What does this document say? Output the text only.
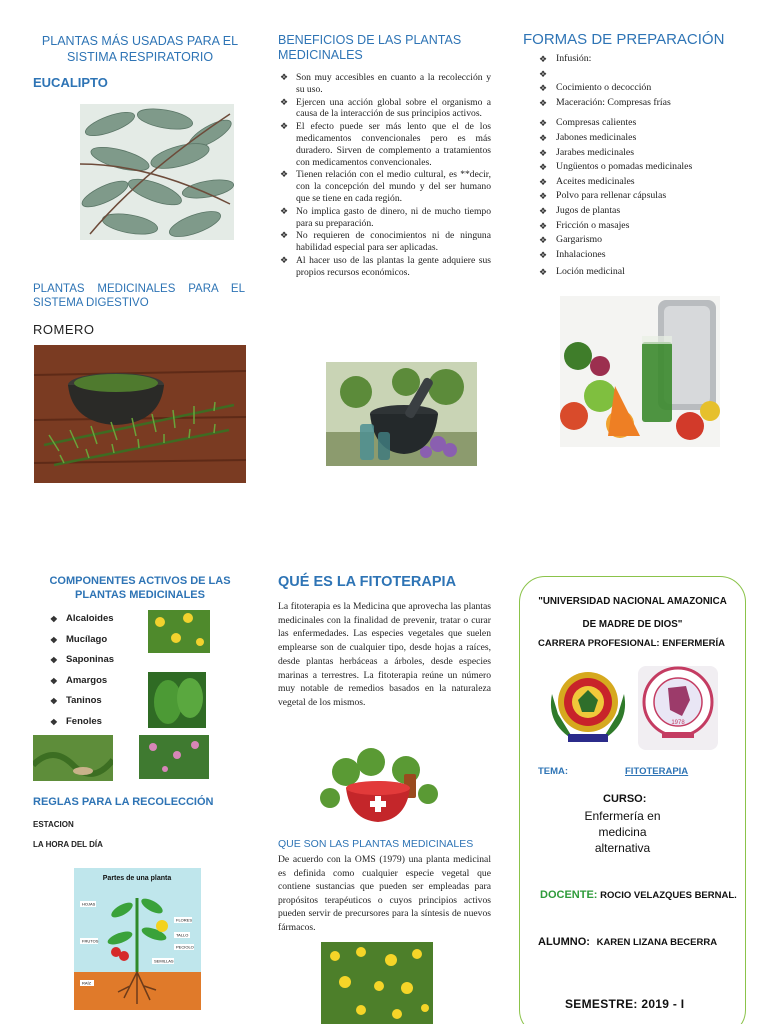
PLANTAS MÁS USADAS PARA EL SISTIMA RESPIRATORIO
EUCALIPTO
PLANTAS MEDICINALES PARA EL
SISTEMA DIGESTIVO
ROMERO
BENEFICIOS DE LAS PLANTAS MEDICINALES
❖ Son muy accesibles en cuanto a la recolección y su uso.
❖ Ejercen una acción global sobre el organismo a causa de la interacción de sus principios activos.
❖ El efecto puede ser más lento que el de los medicamentos convencionales pero es más duradero. Sirven de complemento a tratamientos con medicamentos convencionales.
❖ Tienen relación con el medio cultural, es **decir, con la concepción del mundo y del ser humano que se tiene en cada región.
❖ No implica gasto de dinero, ni de mucho tiempo para su preparación.
❖ No requieren de conocimientos ni de ninguna habilidad especial para ser aplicadas.
❖ Al hacer uso de las plantas la gente adquiere sus propios recursos económicos.
FORMAS DE PREPARACIÓN
❖ Infusión:
❖
❖ Cocimiento o decocción
❖ Maceración: Compresas frías
❖ Compresas calientes
❖ Jabones medicinales
❖ Jarabes medicinales
❖ Ungüentos o pomadas medicinales
❖ Aceites medicinales
❖ Polvo para rellenar cápsulas
❖ Jugos de plantas
❖ Fricción o masajes
❖ Gargarismo
❖ Inhalaciones
❖ Loción medicinal
COMPONENTES ACTIVOS DE LAS PLANTAS MEDICINALES
❖ Alcaloides
❖ Mucílago
❖ Saponinas
❖ Amargos
❖ Taninos
❖ Fenoles
REGLAS PARA LA RECOLECCIÓN
ESTACION
LA HORA DEL DÍA
Partes de una planta
HOJAS
FLORES
TALLO
FRUTOS
PECIOLO
SEMILLAS
RAÍZ
QUÉ ES LA FITOTERAPIA

La fitoterapia es la Medicina que aprovecha las plantas medicinales con la finalidad de prevenir, tratar o curar las enfermedades. Las especies vegetales que suelen emplearse son de cualquier tipo, desde hojas a raíces, desde plantas herbáceas a árboles, desde especies marinas a terrestres. La fitoterapia reúne un número muy notable de remedios basados en la naturaleza vegetal de los mismos.

QUE SON LAS PLANTAS MEDICINALES

De acuerdo con la OMS (1979) una planta medicinal es definida como cualquier especie vegetal que contiene sustancias que pueden ser empleadas para propósitos terapéuticos o cuyos principios activos pueden servir de precursores para la síntesis de nuevos fármacos.

"UNIVERSIDAD NACIONAL AMAZONICA
DE MADRE DE DIOS"
CARRERA PROFESIONAL: ENFERMERÍA
1978
TEMA:	FITOTERAPIA
CURSO:
Enfermería en medicina alternativa
DOCENTE: ROCIO VELAZQUES BERNAL.
ALUMNO: KAREN LIZANA BECERRA
SEMESTRE: 2019 - I
